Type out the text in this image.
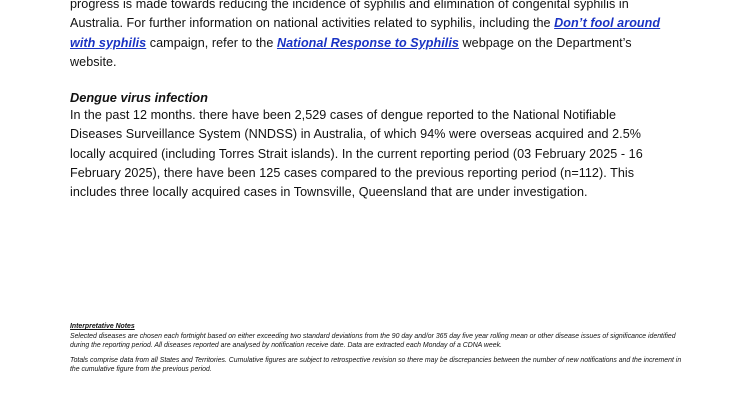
progress is made towards reducing the incidence of syphilis and elimination of congenital syphilis in Australia. For further information on national activities related to syphilis, including the Don’t fool around with syphilis campaign, refer to the National Response to Syphilis webpage on the Department’s website.

Dengue virus infection

In the past 12 months. there have been 2,529 cases of dengue reported to the National Notifiable Diseases Surveillance System (NNDSS) in Australia, of which 94% were overseas acquired and 2.5% locally acquired (including Torres Strait islands). In the current reporting period (03 February 2025 - 16 February 2025), there have been 125 cases compared to the previous reporting period (n=112). This includes three locally acquired cases in Townsville, Queensland that are under investigation.

Interpretative Notes

Selected diseases are chosen each fortnight based on either exceeding two standard deviations from the 90 day and/or 365 day five year rolling mean or other disease issues of significance identified during the reporting period. All diseases reported are analysed by notification receive date. Data are extracted each Monday of a CDNA week.

Totals comprise data from all States and Territories. Cumulative figures are subject to retrospective revision so there may be discrepancies between the number of new notifications and the increment in the cumulative figure from the previous period.
